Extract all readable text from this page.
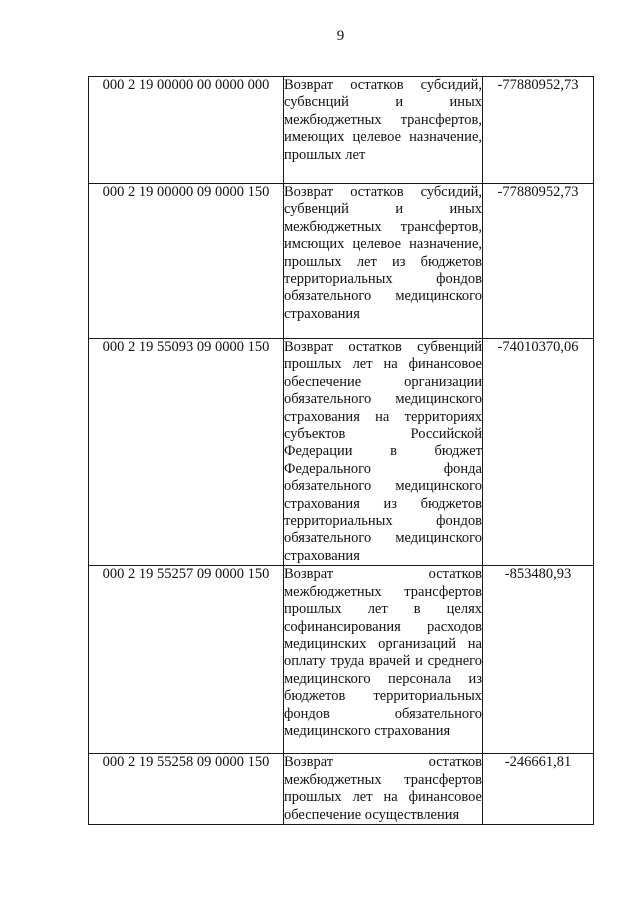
9
000 2 19 00000 00 0000 000	Возврат остатков субсидий, субвснций и иных межбюджетных трансфертов, имеющих целевое назначение, прошлых лет	-77880952,73
000 2 19 00000 09 0000 150	Возврат остатков субсидий, субвенций и иных межбюджетных трансфертов, имсющих целевое назначение, прошлых лет из бюджетов территориальных фондов обязательного медицинского страхования	-77880952,73
000 2 19 55093 09 0000 150	Возврат остатков субвенций прошлых лет на финансовое обеспечение организации обязательного медицинского страхования на территориях субъектов Российской Федерации в бюджет Федерального фонда обязательного медицинского страхования из бюджетов территориальных фондов обязательного медицинского страхования	-74010370,06
000 2 19 55257 09 0000 150	Возврат остатков межбюджетных трансфертов прошлых лет в целях софинансирования расходов медицинских организаций на оплату труда врачей и среднего медицинского персонала из бюджетов территориальных фондов обязательного медицинского страхования	-853480,93
000 2 19 55258 09 0000 150	Возврат остатков межбюджетных трансфертов прошлых лет на финансовое обеспечение осуществления	-246661,81
